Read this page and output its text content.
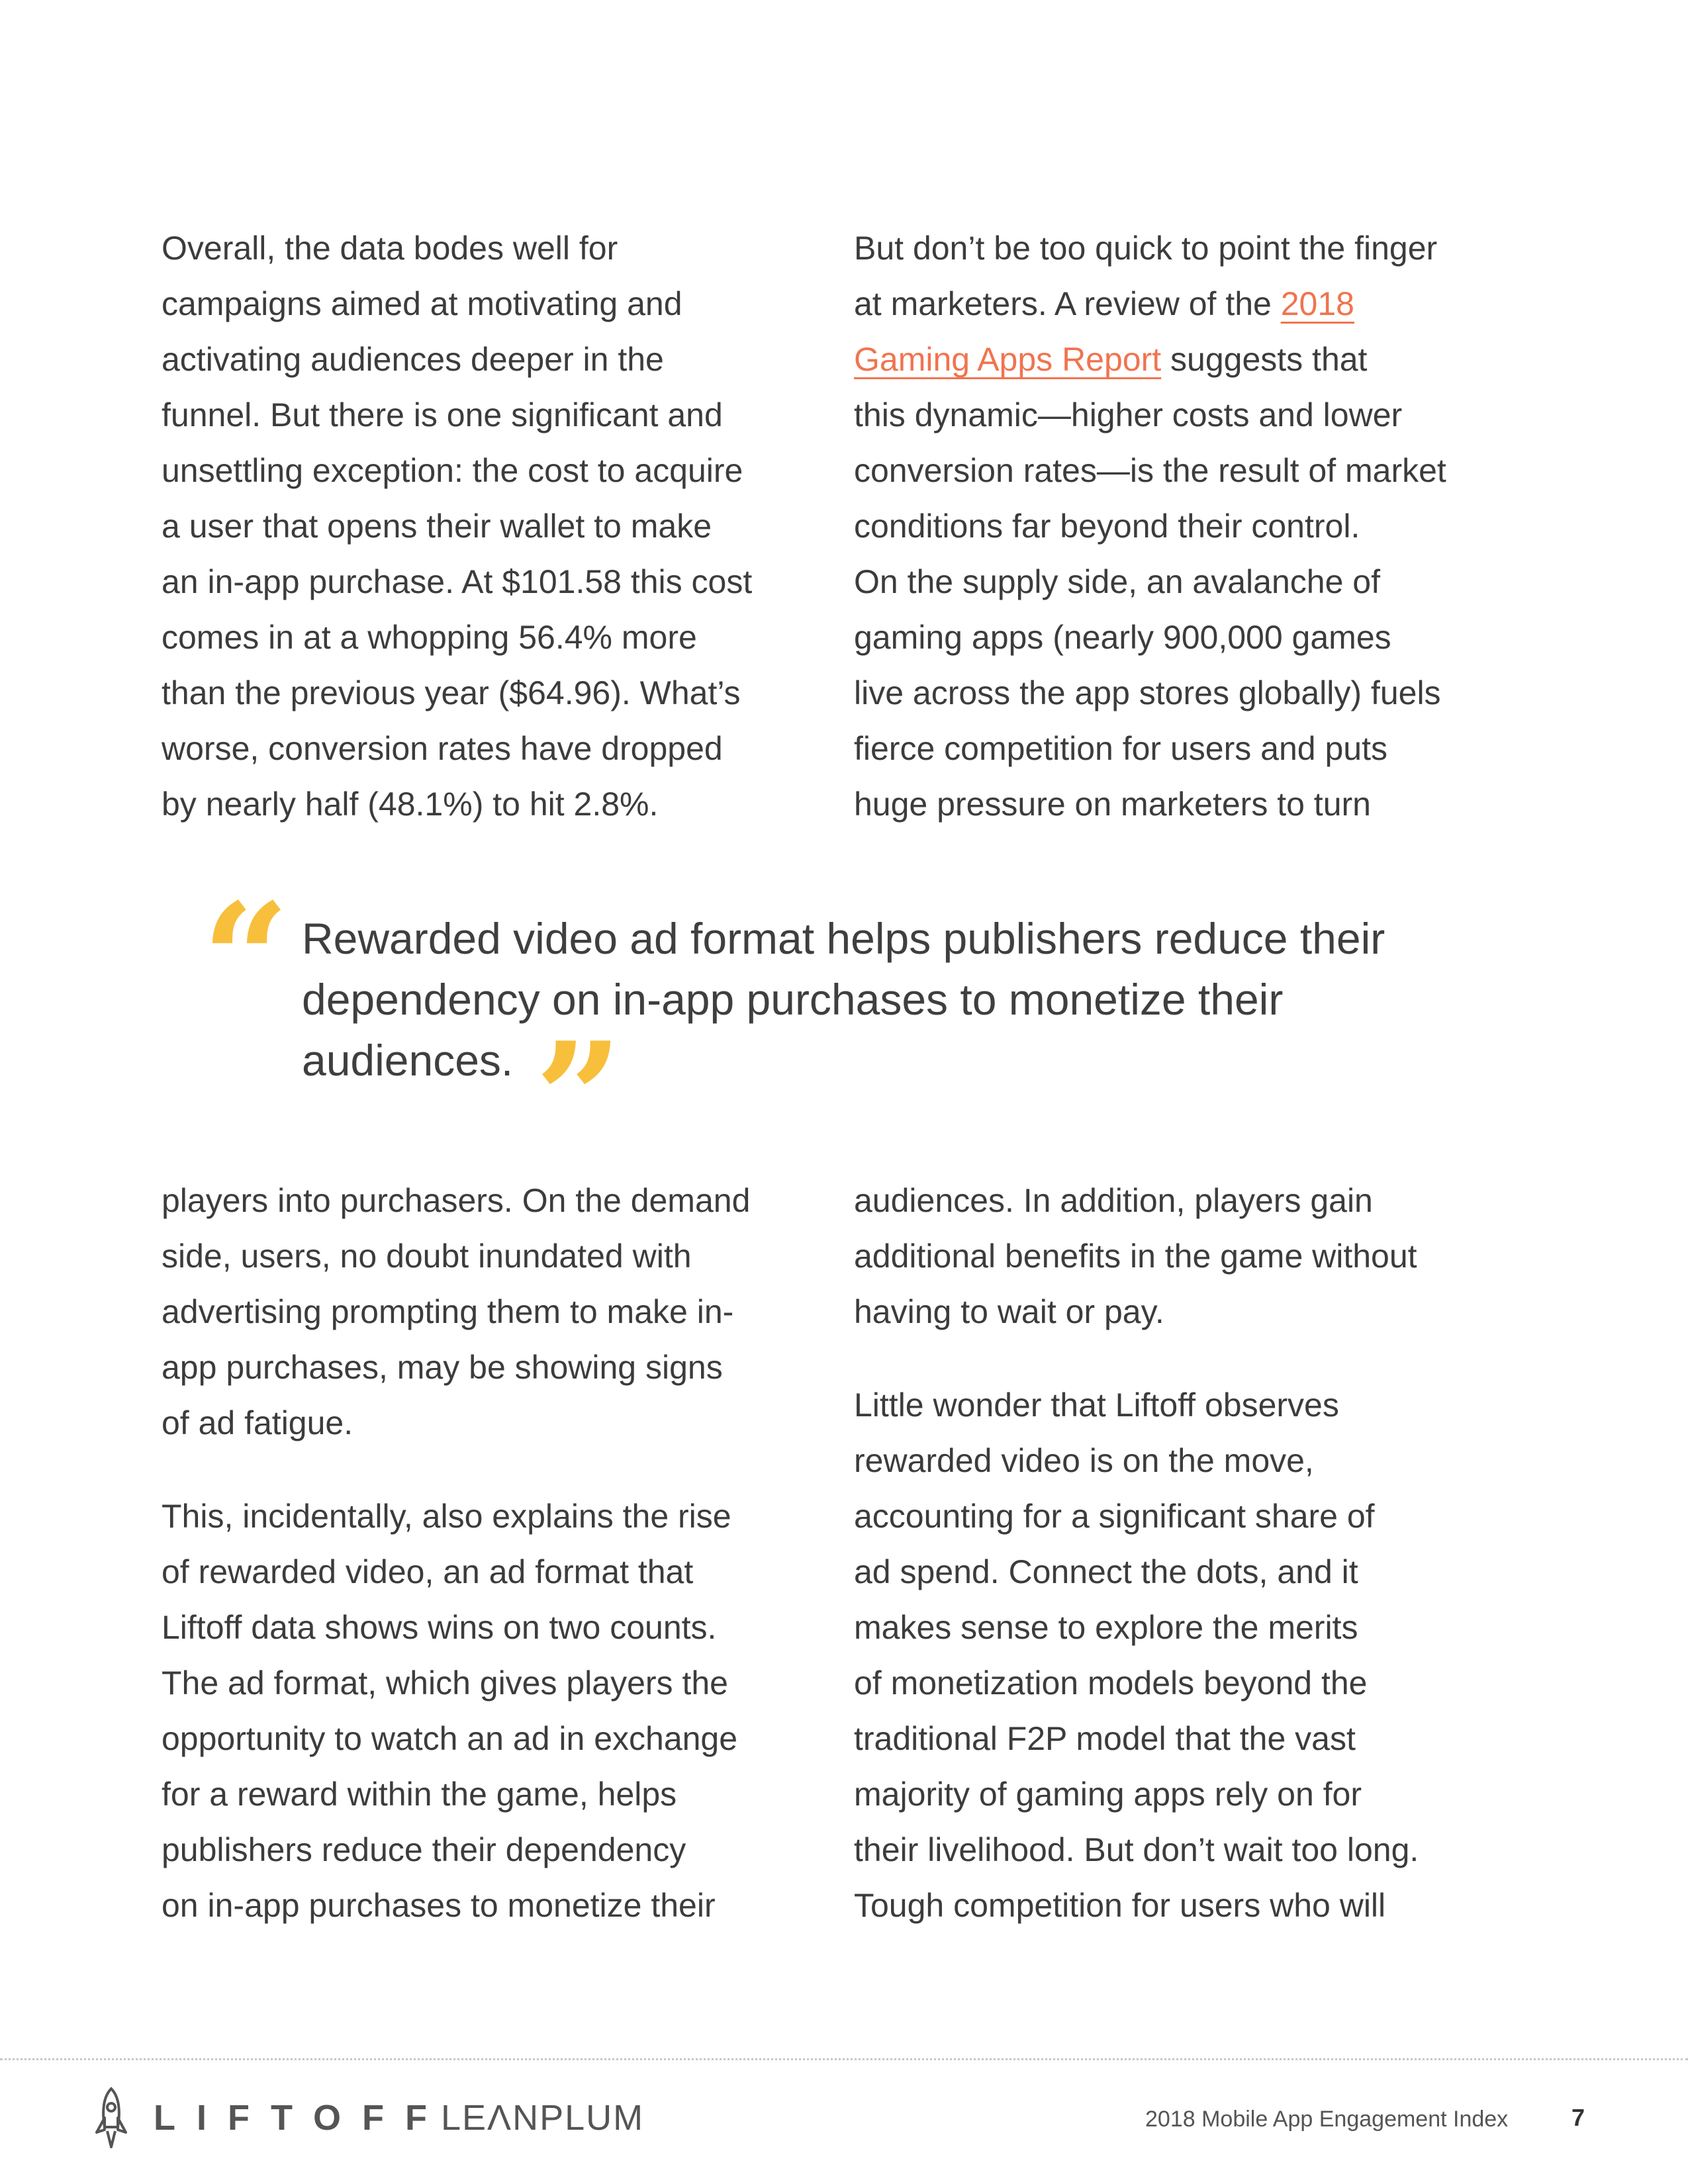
Overall, the data bodes well for
campaigns aimed at motivating and
activating audiences deeper in the
funnel. But there is one significant and
unsettling exception: the cost to acquire
a user that opens their wallet to make
an in-app purchase. At $101.58 this cost
comes in at a whopping 56.4% more
than the previous year ($64.96). What’s
worse, conversion rates have dropped
by nearly half (48.1%) to hit 2.8%.
But don’t be too quick to point the finger
at marketers. A review of the 2018
Gaming Apps Report suggests that
this dynamic—higher costs and lower
conversion rates—is the result of market
conditions far beyond their control.
On the supply side, an avalanche of
gaming apps (nearly 900,000 games
live across the app stores globally) fuels
fierce competition for users and puts
huge pressure on marketers to turn
players into purchasers. On the demand
side, users, no doubt inundated with
advertising prompting them to make in-
app purchases, may be showing signs
of ad fatigue.
This, incidentally, also explains the rise
of rewarded video, an ad format that
Liftoff data shows wins on two counts.
The ad format, which gives players the
opportunity to watch an ad in exchange
for a reward within the game, helps
publishers reduce their dependency
on in-app purchases to monetize their
audiences. In addition, players gain
additional benefits in the game without
having to wait or pay.
Little wonder that Liftoff observes
rewarded video is on the move,
accounting for a significant share of
ad spend. Connect the dots, and it
makes sense to explore the merits
of monetization models beyond the
traditional F2P model that the vast
majority of gaming apps rely on for
their livelihood. But don’t wait too long.
Tough competition for users who will
“ Rewarded video ad format helps publishers reduce their
dependency on in-app purchases to monetize their
audiences. ”
LIFTOFF
LEɅNPLUM	2018 Mobile App Engagement Index	7
